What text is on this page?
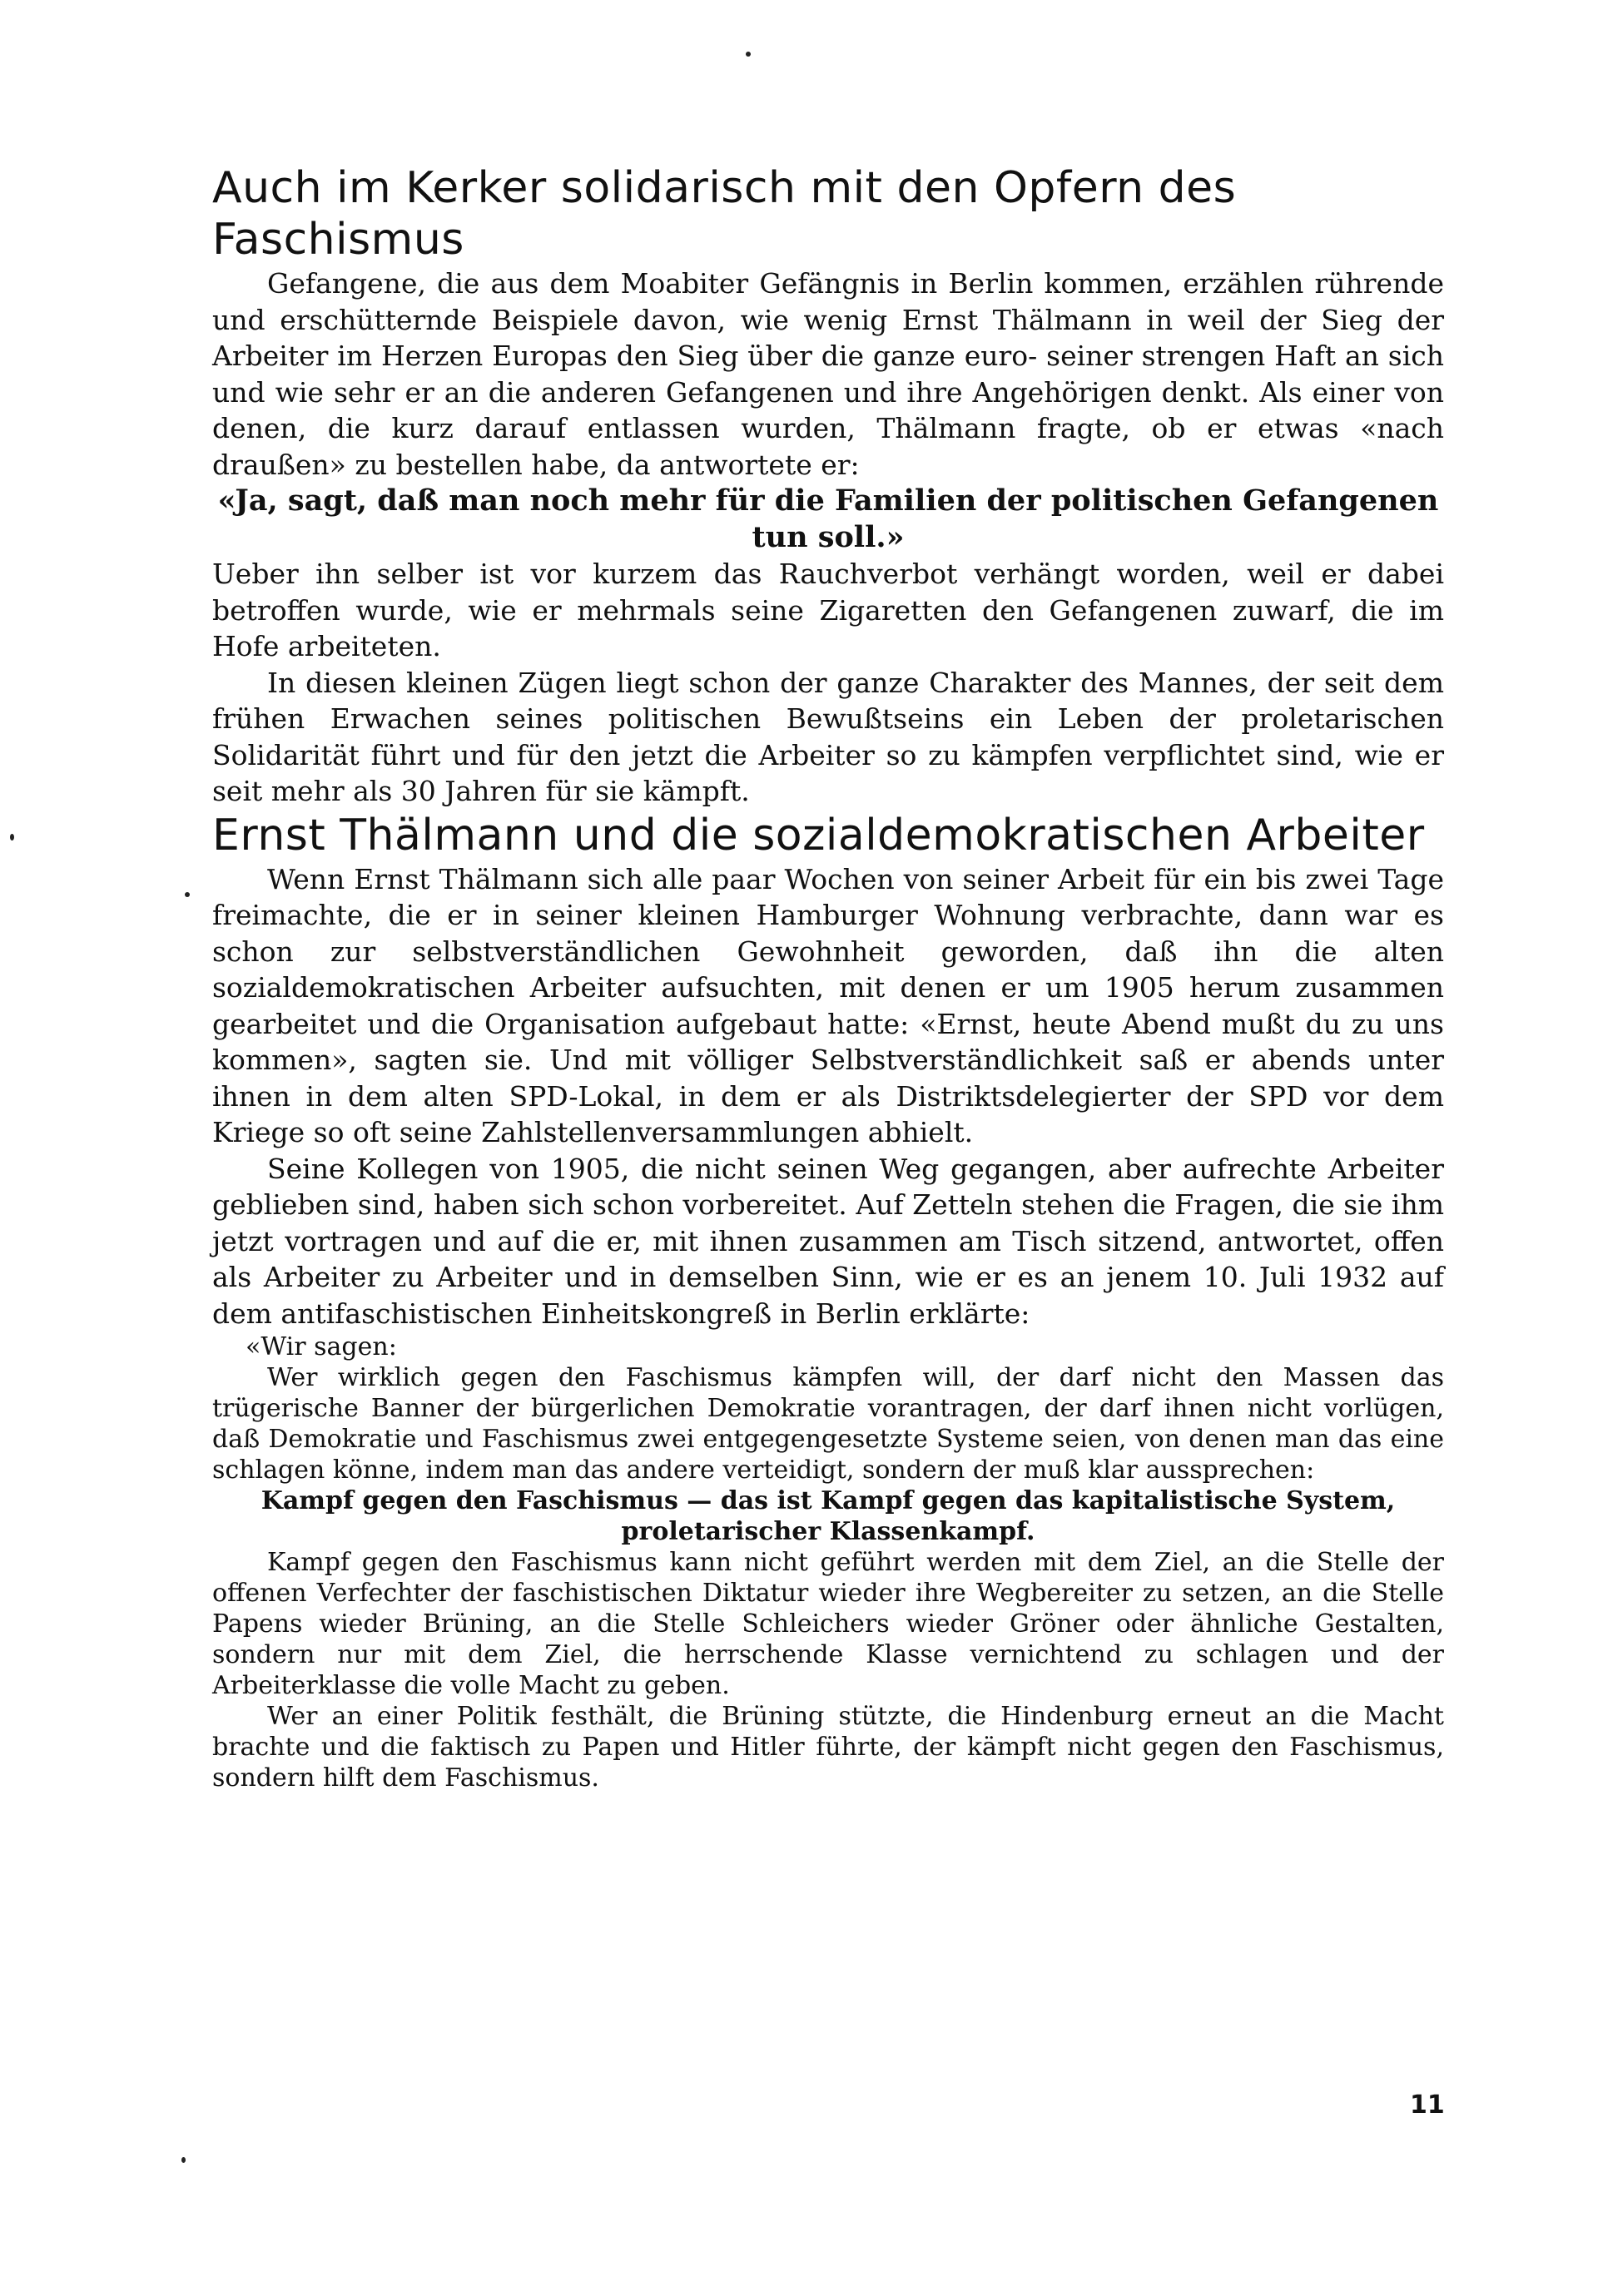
Auch im Kerker solidarisch mit den Opfern des Faschismus

Gefangene, die aus dem Moabiter Gefängnis in Berlin kommen, erzählen rührende und erschütternde Beispiele davon, wie wenig Ernst Thälmann in weil der Sieg der Arbeiter im Herzen Europas den Sieg über die ganze euro- seiner strengen Haft an sich und wie sehr er an die anderen Gefangenen und ihre Angehörigen denkt. Als einer von denen, die kurz darauf entlassen wurden, Thälmann fragte, ob er etwas «nach draußen» zu bestellen habe, da antwortete er:

«Ja, sagt, daß man noch mehr für die Familien der politischen Gefangenen tun soll.»

Ueber ihn selber ist vor kurzem das Rauchverbot verhängt worden, weil er dabei betroffen wurde, wie er mehrmals seine Zigaretten den Gefangenen zuwarf, die im Hofe arbeiteten.

In diesen kleinen Zügen liegt schon der ganze Charakter des Mannes, der seit dem frühen Erwachen seines politischen Bewußtseins ein Leben der proletarischen Solidarität führt und für den jetzt die Arbeiter so zu kämpfen verpflichtet sind, wie er seit mehr als 30 Jahren für sie kämpft.

Ernst Thälmann und die sozialdemokratischen Arbeiter

Wenn Ernst Thälmann sich alle paar Wochen von seiner Arbeit für ein bis zwei Tage freimachte, die er in seiner kleinen Hamburger Wohnung verbrachte, dann war es schon zur selbstverständlichen Gewohnheit geworden, daß ihn die alten sozialdemokratischen Arbeiter aufsuchten, mit denen er um 1905 herum zusammen gearbeitet und die Organisation aufgebaut hatte: «Ernst, heute Abend mußt du zu uns kommen», sagten sie. Und mit völliger Selbstverständlichkeit saß er abends unter ihnen in dem alten SPD-Lokal, in dem er als Distriktsdelegierter der SPD vor dem Kriege so oft seine Zahlstellenversammlungen abhielt.

Seine Kollegen von 1905, die nicht seinen Weg gegangen, aber aufrechte Arbeiter geblieben sind, haben sich schon vorbereitet. Auf Zetteln stehen die Fragen, die sie ihm jetzt vortragen und auf die er, mit ihnen zusammen am Tisch sitzend, antwortet, offen als Arbeiter zu Arbeiter und in demselben Sinn, wie er es an jenem 10. Juli 1932 auf dem antifaschistischen Einheitskongreß in Berlin erklärte:

«Wir sagen:

Wer wirklich gegen den Faschismus kämpfen will, der darf nicht den Massen das trügerische Banner der bürgerlichen Demokratie vorantragen, der darf ihnen nicht vorlügen, daß Demokratie und Faschismus zwei entgegengesetzte Systeme seien, von denen man das eine schlagen könne, indem man das andere verteidigt, sondern der muß klar aussprechen:

Kampf gegen den Faschismus — das ist Kampf gegen das kapitalistische System, proletarischer Klassenkampf.

Kampf gegen den Faschismus kann nicht geführt werden mit dem Ziel, an die Stelle der offenen Verfechter der faschistischen Diktatur wieder ihre Wegbereiter zu setzen, an die Stelle Papens wieder Brüning, an die Stelle Schleichers wieder Gröner oder ähnliche Gestalten, sondern nur mit dem Ziel, die herrschende Klasse vernichtend zu schlagen und der Arbeiterklasse die volle Macht zu geben.

Wer an einer Politik festhält, die Brüning stützte, die Hindenburg erneut an die Macht brachte und die faktisch zu Papen und Hitler führte, der kämpft nicht gegen den Faschismus, sondern hilft dem Faschismus.

11
